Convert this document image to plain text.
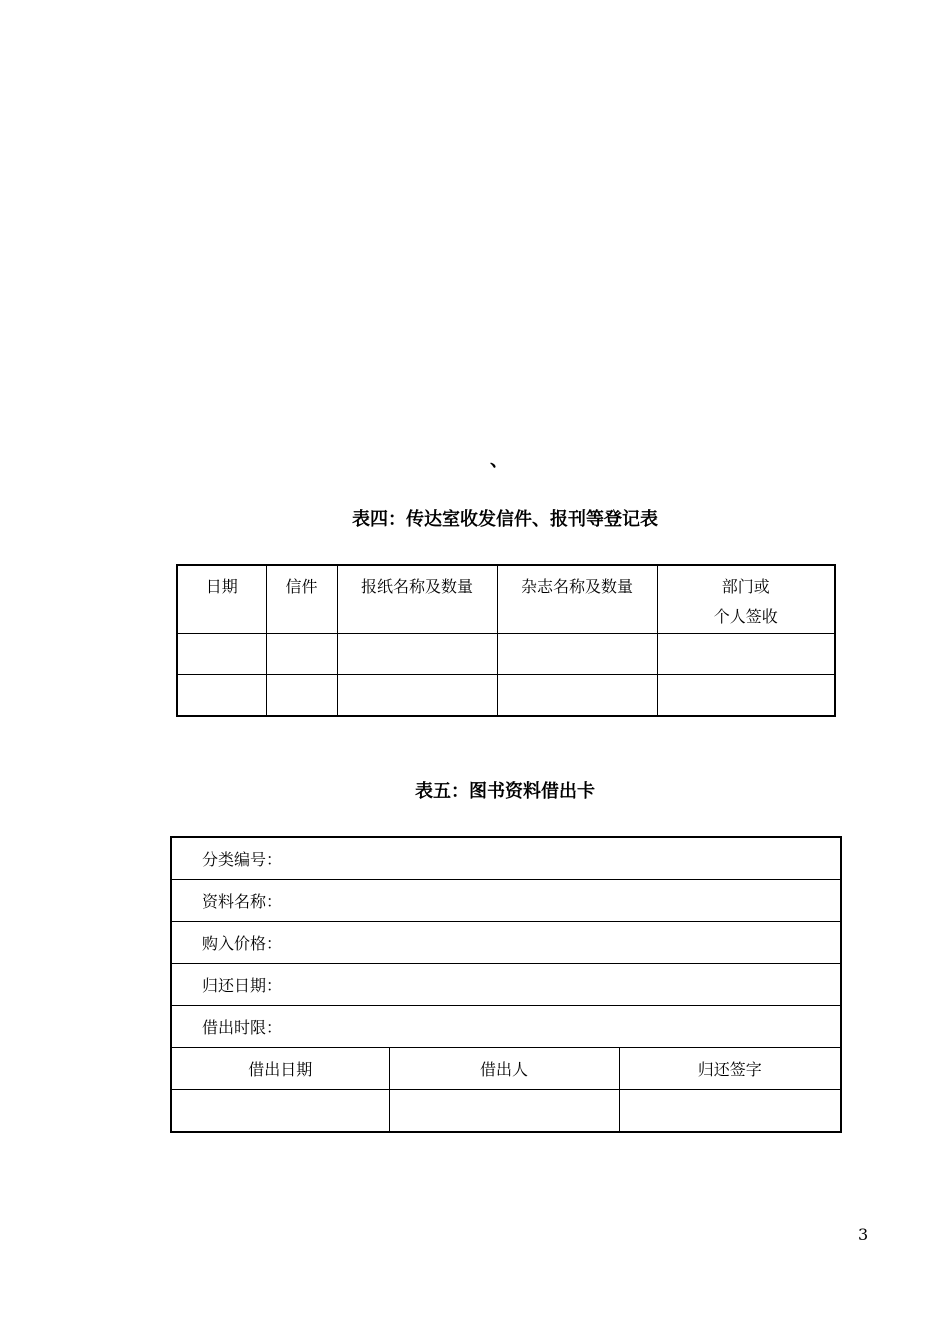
、
表四：传达室收发信件、报刊等登记表
日期	信件	报纸名称及数量	杂志名称及数量	部门或
个人签收

表五：图书资料借出卡
分类编号：		
资料名称：		
购入价格：		
归还日期：		
借出时限：		
借出日期	借出人	归还签字

3
